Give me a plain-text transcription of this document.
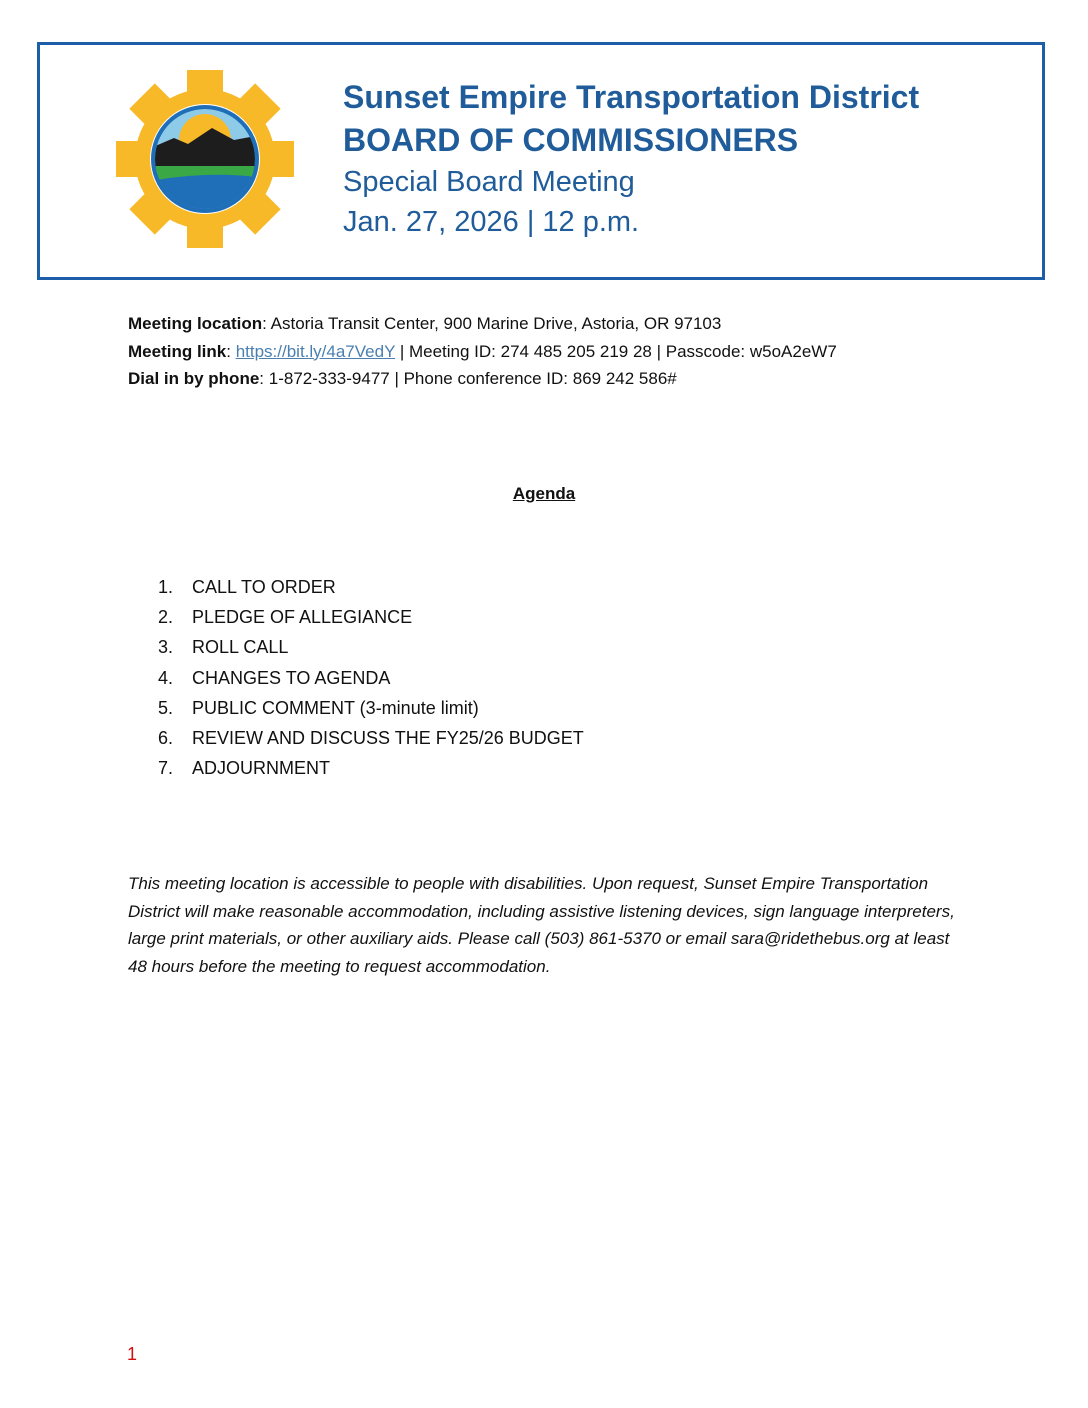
Sunset Empire Transportation District
BOARD OF COMMISSIONERS
Special Board Meeting
Jan. 27, 2026 | 12 p.m.
Meeting location: Astoria Transit Center, 900 Marine Drive, Astoria, OR 97103
Meeting link: https://bit.ly/4a7VedY | Meeting ID: 274 485 205 219 28 | Passcode: w5oA2eW7
Dial in by phone: 1-872-333-9477 | Phone conference ID: 869 242 586#
Agenda
1. CALL TO ORDER
2. PLEDGE OF ALLEGIANCE
3. ROLL CALL
4. CHANGES TO AGENDA
5. PUBLIC COMMENT (3-minute limit)
6. REVIEW AND DISCUSS THE FY25/26 BUDGET
7. ADJOURNMENT
This meeting location is accessible to people with disabilities. Upon request, Sunset Empire Transportation District will make reasonable accommodation, including assistive listening devices, sign language interpreters, large print materials, or other auxiliary aids. Please call (503) 861-5370 or email sara@ridethebus.org at least 48 hours before the meeting to request accommodation.
1
